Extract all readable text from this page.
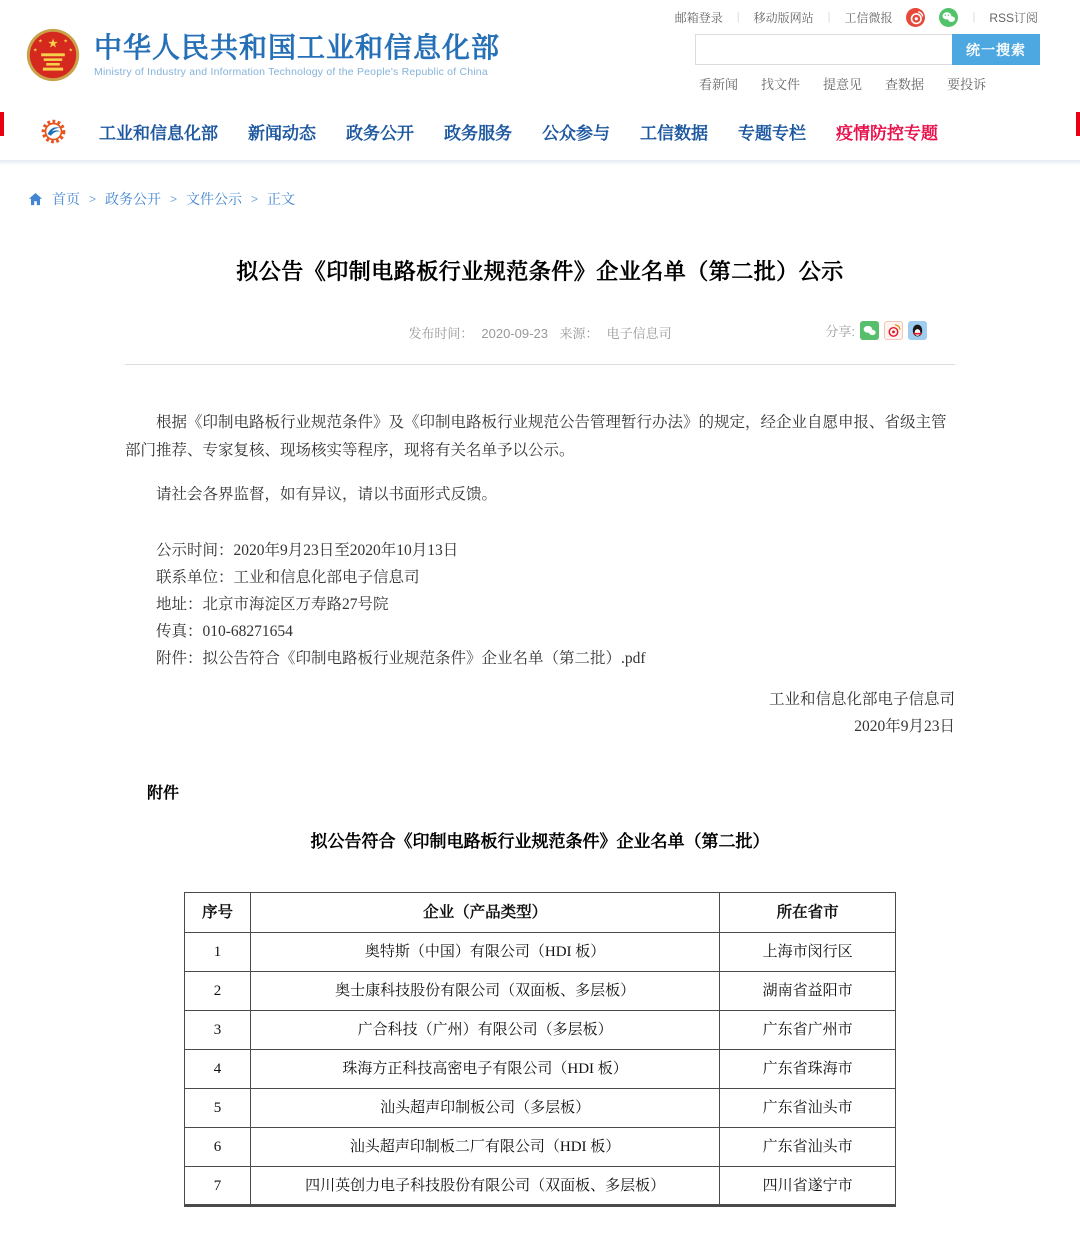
邮箱登录 | 移动版网站 | 工信微报	| RSS订阅
★
★	★
★	★ 中华人民共和国工业和信息化部
Ministry of Industry and Information Technology of the People's Republic of China
统一搜索
看新闻 找文件 提意见 查数据 要投诉
工业和信息化部 新闻动态 政务公开 政务服务 公众参与 工信数据 专题专栏 疫情防控专题
首页 > 政务公开 > 文件公示 > 正文
拟公告《印制电路板行业规范条件》企业名单（第二批）公示
发布时间： 2020-09-23 来源： 电子信息司	分享:

根据《印制电路板行业规范条件》及《印制电路板行业规范公告管理暂行办法》的规定，经企业自愿申报、省级主管部门推荐、专家复核、现场核实等程序，现将有关名单予以公示。

请社会各界监督，如有异议，请以书面形式反馈。

公示时间：2020年9月23日至2020年10月13日
联系单位：工业和信息化部电子信息司
地址：北京市海淀区万寿路27号院
传真：010-68271654
附件：拟公告符合《印制电路板行业规范条件》企业名单（第二批）.pdf
工业和信息化部电子信息司
2020年9月23日
附件
拟公告符合《印制电路板行业规范条件》企业名单（第二批）
序号	企业（产品类型）	所在省市
1	奥特斯（中国）有限公司（HDI 板）	上海市闵行区
2	奥士康科技股份有限公司（双面板、多层板）	湖南省益阳市
3	广合科技（广州）有限公司（多层板）	广东省广州市
4	珠海方正科技高密电子有限公司（HDI 板）	广东省珠海市
5	汕头超声印制板公司（多层板）	广东省汕头市
6	汕头超声印制板二厂有限公司（HDI 板）	广东省汕头市
7	四川英创力电子科技股份有限公司（双面板、多层板）	四川省遂宁市
